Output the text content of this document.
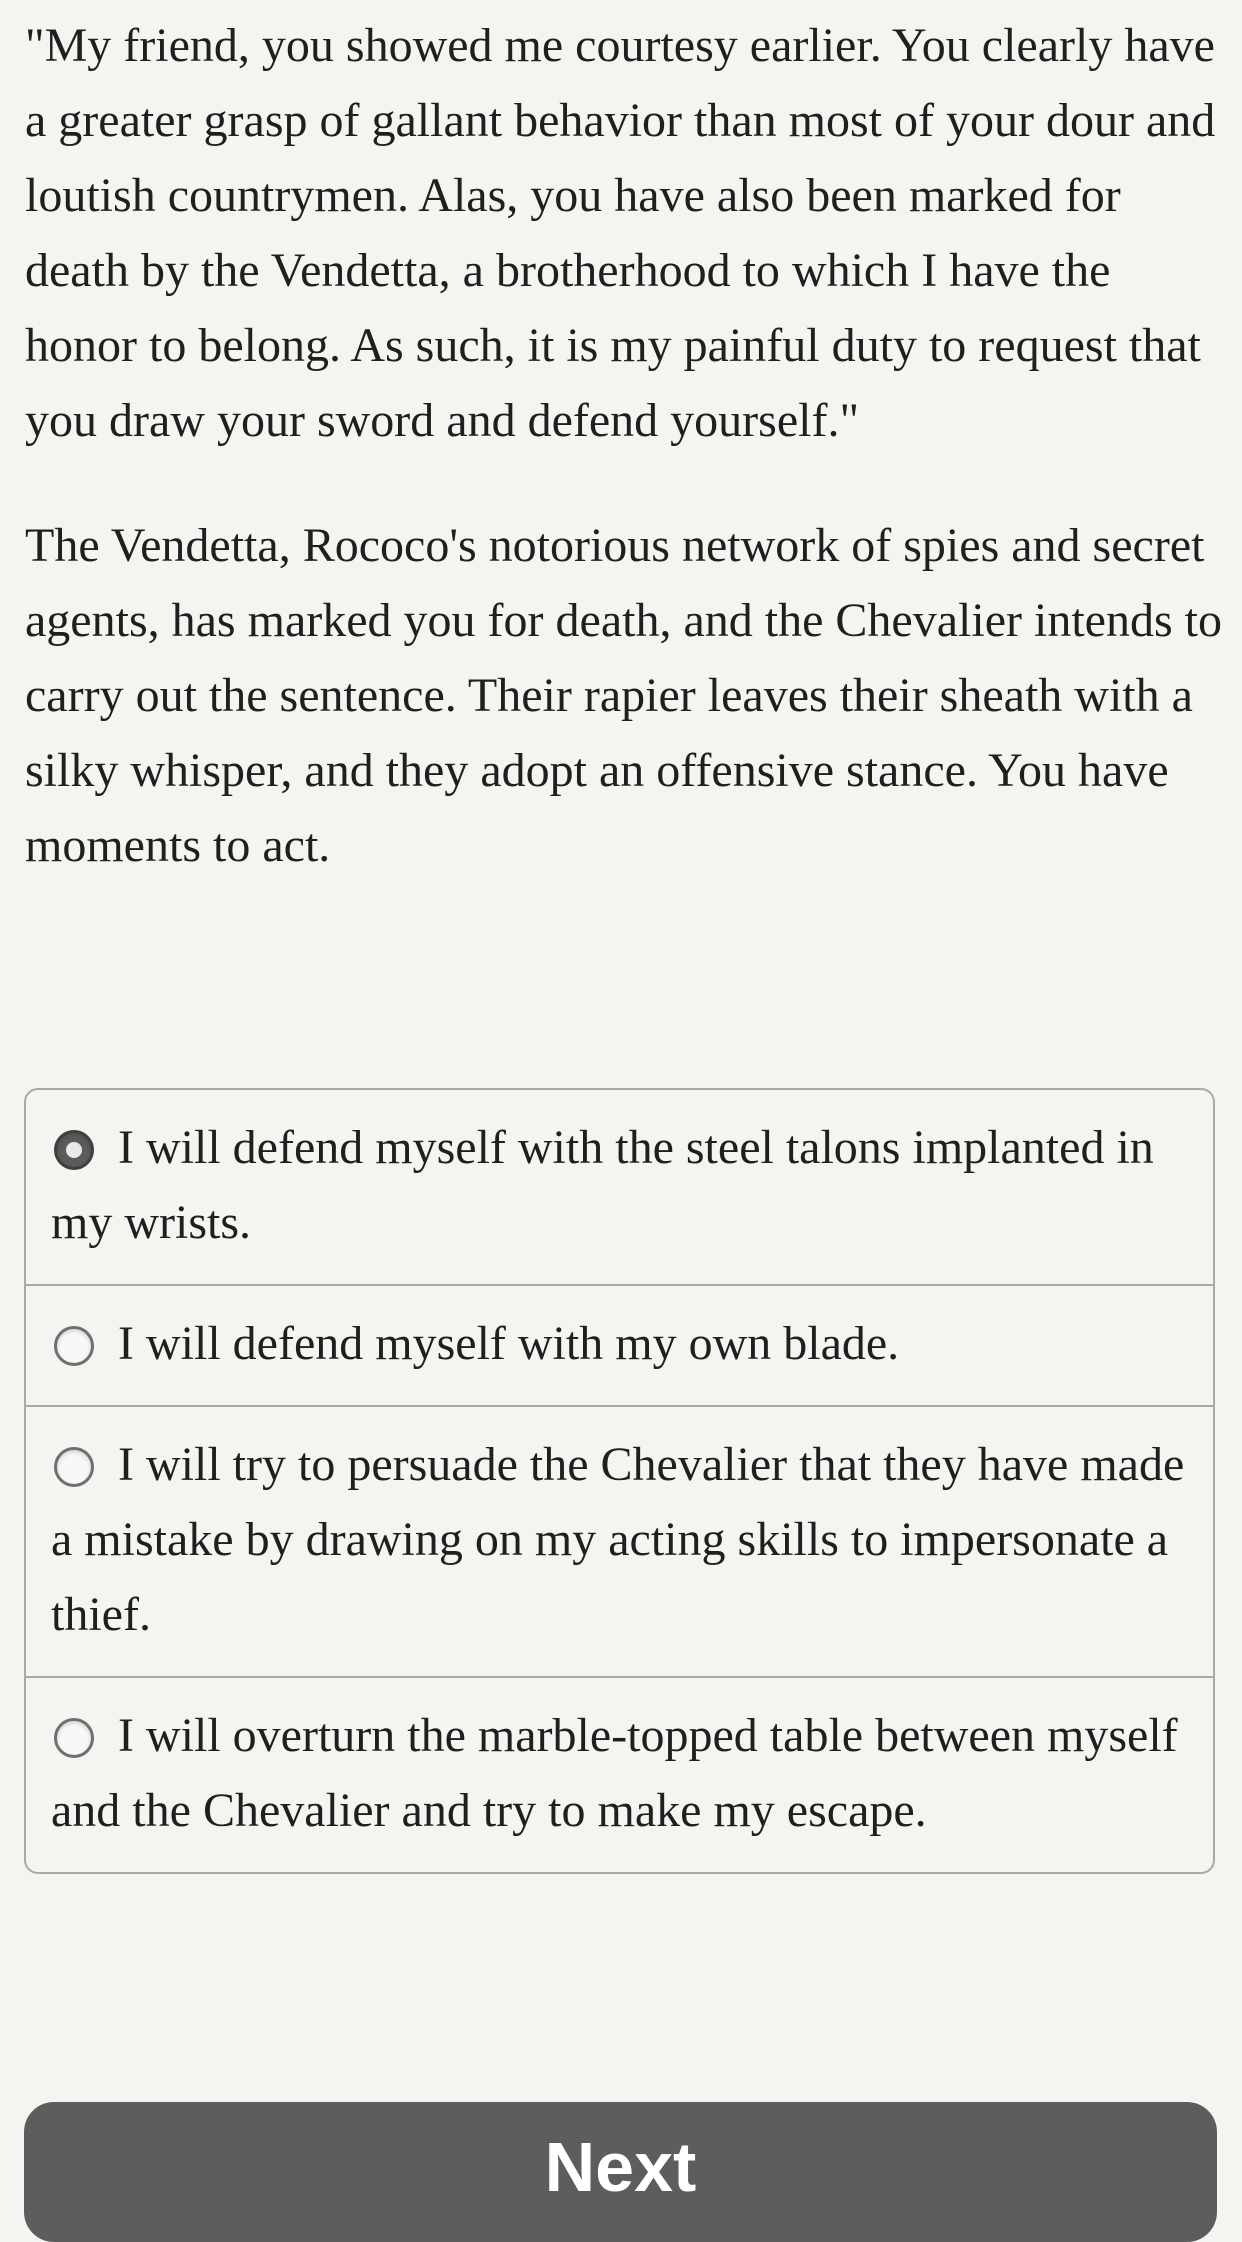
"My friend, you showed me courtesy earlier. You clearly have a greater grasp of gallant behavior than most of your dour and loutish countrymen. Alas, you have also been marked for death by the Vendetta, a brotherhood to which I have the honor to belong. As such, it is my painful duty to request that you draw your sword and defend yourself."

The Vendetta, Rococo's notorious network of spies and secret agents, has marked you for death, and the Chevalier intends to carry out the sentence. Their rapier leaves their sheath with a silky whisper, and they adopt an offensive stance. You have moments to act.

I will defend myself with the steel talons implanted in my wrists.
I will defend myself with my own blade.
I will try to persuade the Chevalier that they have made a mistake by drawing on my acting skills to impersonate a thief.
I will overturn the marble-topped table between myself and the Chevalier and try to make my escape.
Next
